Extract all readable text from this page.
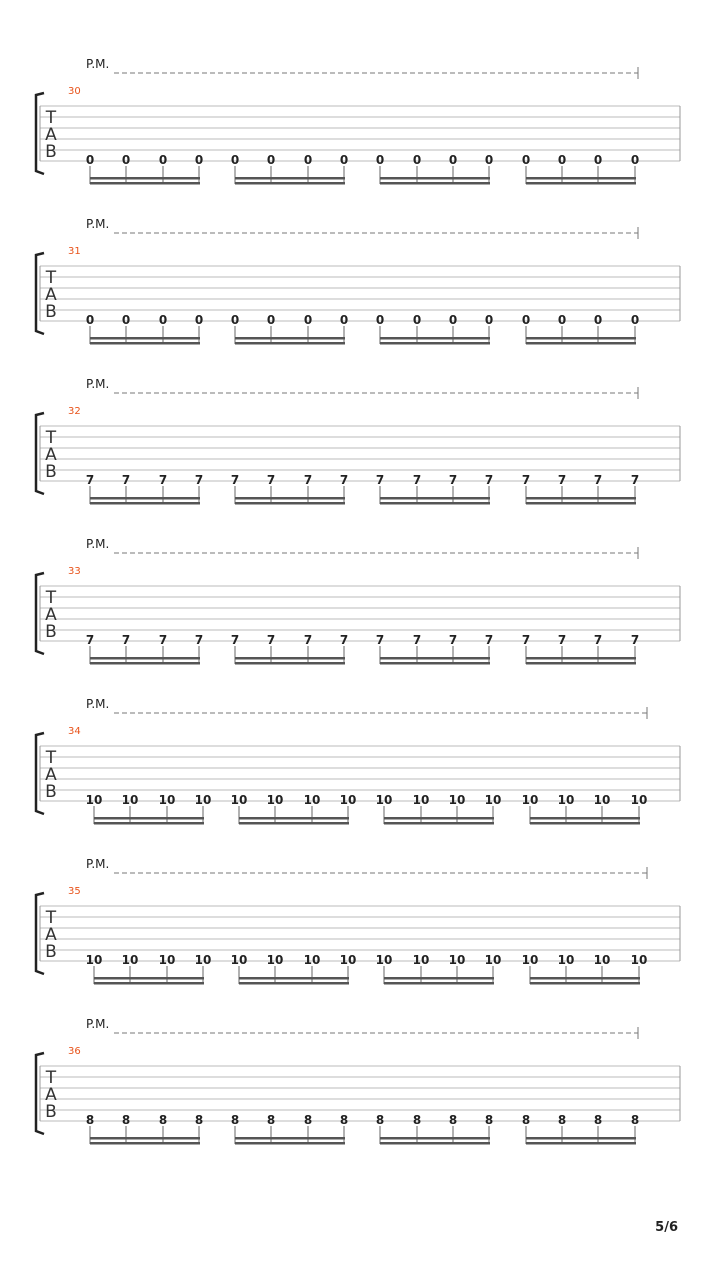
P.M.
30
T
A
B 0 0 0 0 0 0 0 0 0 0 0 0 0 0 0 0
P.M.
31
T
A
B 0 0 0 0 0 0 0 0 0 0 0 0 0 0 0 0
P.M.
32
T
A
B 7 7 7 7 7 7 7 7 7 7 7 7 7 7 7 7
P.M.
33
T
A
B 7 7 7 7 7 7 7 7 7 7 7 7 7 7 7 7
P.M.
34
T
A
B 10 10 10 10 10 10 10 10 10 10 10 10 10 10 10 10
P.M.
35
T
A
B 10 10 10 10 10 10 10 10 10 10 10 10 10 10 10 10
P.M.
36
T
A
B 8 8 8 8 8 8 8 8 8 8 8 8 8 8 8 8
5/6
